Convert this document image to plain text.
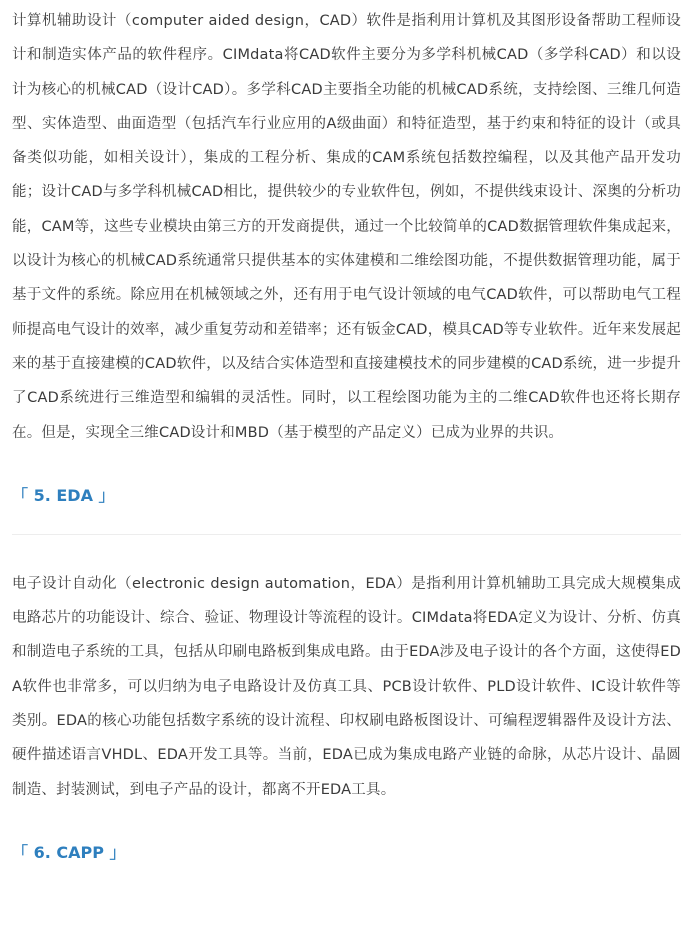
计算机辅助设计（computer aided design，CAD）软件是指利用计算机及其图形设备帮助工程师设计和制造实体产品的软件程序。CIMdata将CAD软件主要分为多学科机械CAD（多学科CAD）和以设计为核心的机械CAD（设计CAD）。多学科CAD主要指全功能的机械CAD系统，支持绘图、三维几何造型、实体造型、曲面造型（包括汽车行业应用的A级曲面）和特征造型，基于约束和特征的设计（或具备类似功能，如相关设计），集成的工程分析、集成的CAM系统包括数控编程，以及其他产品开发功能；设计CAD与多学科机械CAD相比，提供较少的专业软件包，例如，不提供线束设计、深奥的分析功能，CAM等，这些专业模块由第三方的开发商提供，通过一个比较简单的CAD数据管理软件集成起来，以设计为核心的机械CAD系统通常只提供基本的实体建模和二维绘图功能，不提供数据管理功能，属于基于文件的系统。除应用在机械领域之外，还有用于电气设计领域的电气CAD软件，可以帮助电气工程师提高电气设计的效率，减少重复劳动和差错率；还有钣金CAD，模具CAD等专业软件。近年来发展起来的基于直接建模的CAD软件，以及结合实体造型和直接建模技术的同步建模的CAD系统，进一步提升了CAD系统进行三维造型和编辑的灵活性。同时，以工程绘图功能为主的二维CAD软件也还将长期存在。但是，实现全三维CAD设计和MBD（基于模型的产品定义）已成为业界的共识。

「 5. EDA 」

电子设计自动化（electronic design automation，EDA）是指利用计算机辅助工具完成大规模集成电路芯片的功能设计、综合、验证、物理设计等流程的设计。CIMdata将EDA定义为设计、分析、仿真和制造电子系统的工具，包括从印刷电路板到集成电路。由于EDA涉及电子设计的各个方面，这使得EDA软件也非常多，可以归纳为电子电路设计及仿真工具、PCB设计软件、PLD设计软件、IC设计软件等类别。EDA的核心功能包括数字系统的设计流程、印权刷电路板图设计、可编程逻辑器件及设计方法、硬件描述语言VHDL、EDA开发工具等。当前，EDA已成为集成电路产业链的命脉，从芯片设计、晶圆制造、封装测试，到电子产品的设计，都离不开EDA工具。

「 6. CAPP 」
